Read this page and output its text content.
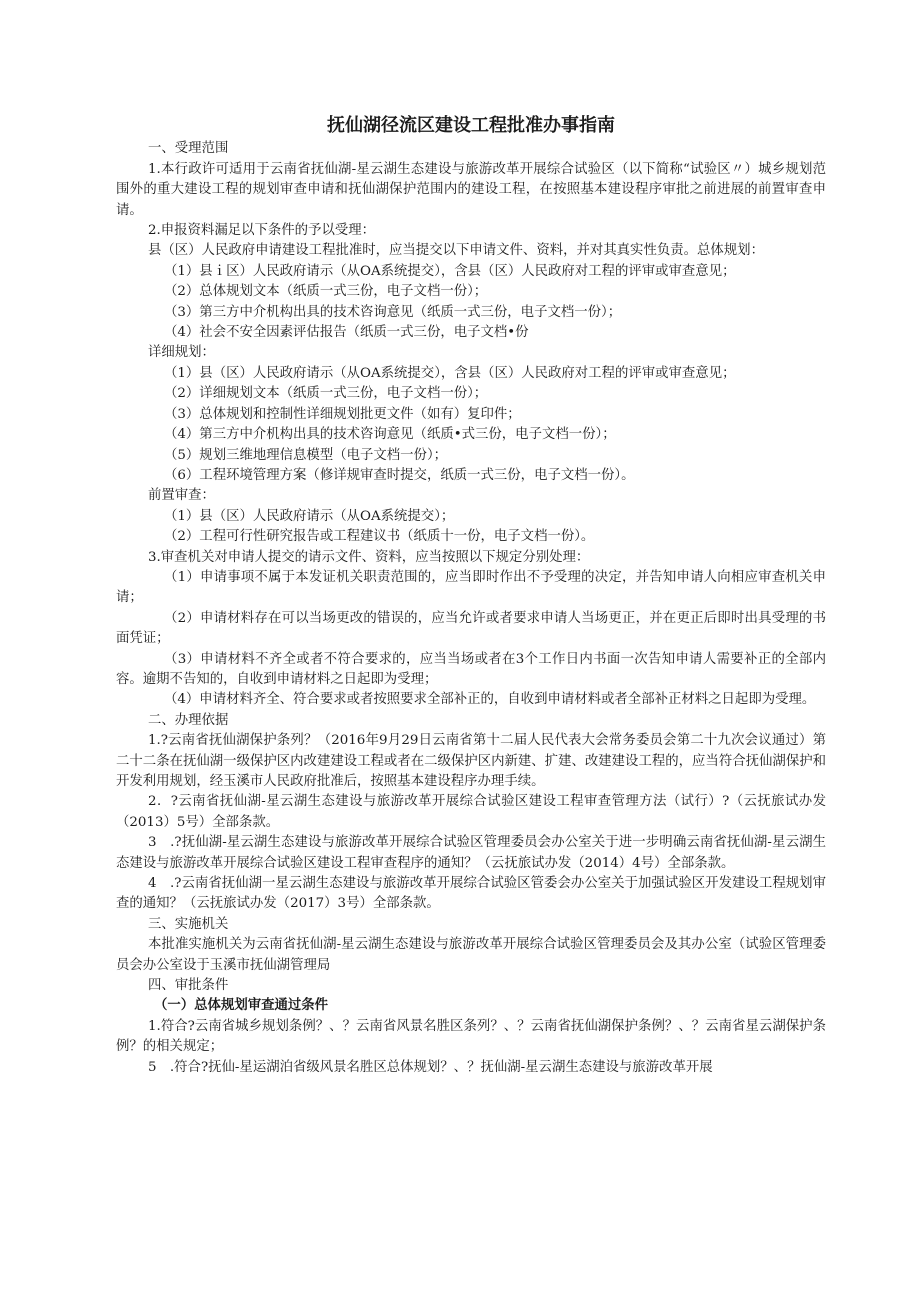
抚仙湖径流区建设工程批准办事指南

一、受理范围

1.本行政许可适用于云南省抚仙湖-星云湖生态建设与旅游改革开展综合试验区（以下简称“试验区〃）城乡规划范围外的重大建设工程的规划审查申请和抚仙湖保护范围内的建设工程，在按照基本建设程序审批之前进展的前置审查申请。

2.申报资料漏足以下条件的予以受理：

县（区）人民政府申请建设工程批准时，应当提交以下申请文件、资料，并对其真实性负责。总体规划：

（1）县ｉ区）人民政府请示（从OA系统提交），含县（区）人民政府对工程的评审或审查意见；

（2）总体规划文本（纸质一式三份，电子文档一份）；

（3）第三方中介机构出具的技术咨询意见（纸质一式三份，电子文档一份）；

（4）社会不安全因素评估报告（纸质一式三份，电子文档•份

详细规划：

（1）县（区）人民政府请示（从OA系统提交），含县（区）人民政府对工程的评审或审查意见；

（2）详细规划文本（纸质一式三份，电子文档一份）；

（3）总体规划和控制性详细规划批更文件（如有）复印件；

（4）第三方中介机构出具的技术咨询意见（纸质•式三份，电子文档一份）；

（5）规划三维地理信息模型（电子文档一份）；

（6）工程环境管理方案（修详规审查时提交，纸质一式三份，电子文档一份）。

前置审查：

（1）县（区）人民政府请示（从OA系统提交）；

（2）工程可行性研究报告或工程建议书（纸质十一份，电子文档一份）。

3.审查机关对申请人提交的请示文件、资料，应当按照以下规定分别处理：

（1）申请事项不属于本发证机关职责范围的，应当即时作出不予受理的决定，并告知申请人向相应审查机关申请；

（2）申请材料存在可以当场更改的错误的，应当允许或者要求申请人当场更正，并在更正后即时出具受理的书面凭证；

（3）申请材料不齐全或者不符合要求的，应当当场或者在3个工作日内书面一次告知申请人需要补正的全部内容。逾期不告知的，自收到申请材料之日起即为受理；

（4）申请材料齐全、符合要求或者按照要求全部补正的，自收到申请材料或者全部补正材料之日起即为受理。

二、办理依据

1.?云南省抚仙湖保护条列？（2016年9月29日云南省第十二届人民代表大会常务委员会第二十九次会议通过）第二十二条在抚仙湖一级保护区内改建建设工程或者在二级保护区内新建、扩建、改建建设工程的，应当符合抚仙湖保护和开发利用规划，经玉溪市人民政府批准后，按照基本建设程序办理手续。

2．?云南省抚仙湖-星云湖生态建设与旅游改革开展综合试验区建设工程审查管理方法（试行）?（云抚旅试办发（2013）5号）全部条款。

3　.?抚仙湖-星云湖生态建设与旅游改革开展综合试验区管理委员会办公室关于进一步明确云南省抚仙湖-星云湖生态建设与旅游改革开展综合试验区建设工程审查程序的通知？（云抚旅试办发（2014）4号）全部条款。

4　.?云南省抚仙湖一星云湖生态建设与旅游改革开展综合试验区管委会办公室关于加强试验区开发建设工程规划审查的通知？（云抚旅试办发（2017）3号）全部条款。

三、实施机关

本批准实施机关为云南省抚仙湖-星云湖生态建设与旅游改革开展综合试验区管理委员会及其办公室（试验区管理委员会办公室设于玉溪市抚仙湖管理局

四、审批条件

（一）总体规划审查通过条件

1.符合?云南省城乡规划条例？、？云南省风景名胜区条列？、？云南省抚仙湖保护条例？、？云南省星云湖保护条例？的相关规定；

5　.符合?抚仙-星运湖泊省级风景名胜区总体规划？、？抚仙湖-星云湖生态建设与旅游改革开展
